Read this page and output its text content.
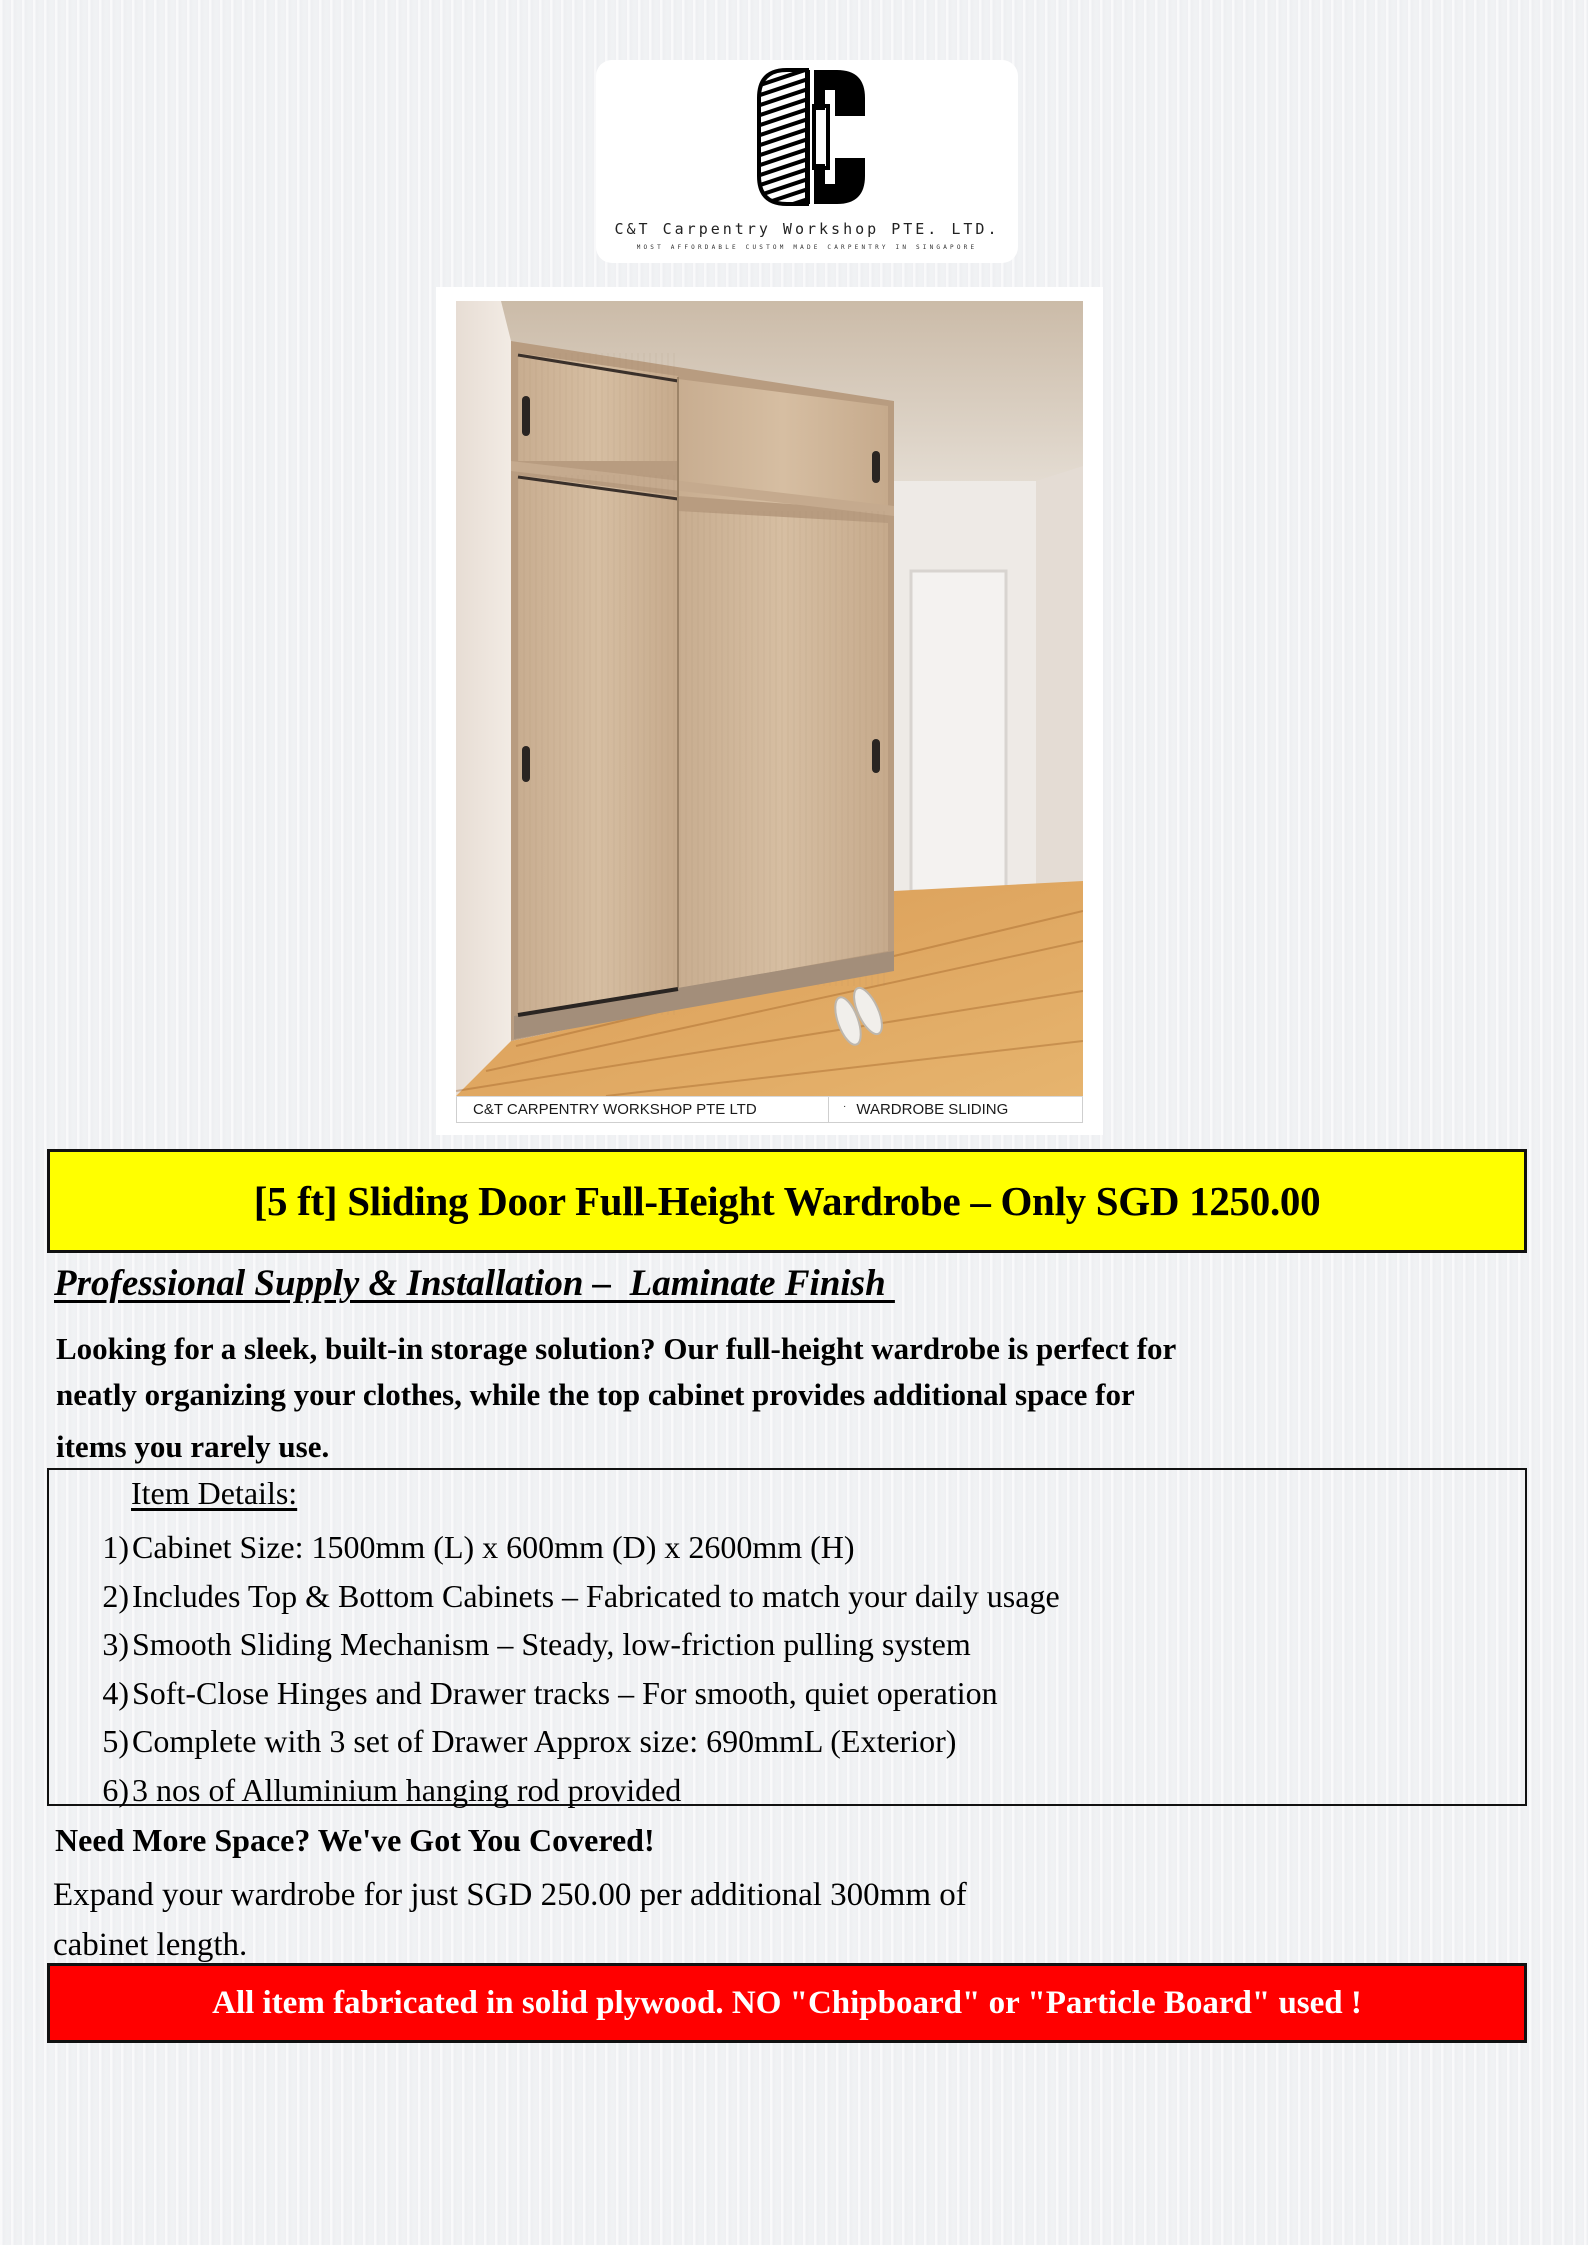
C&T Carpentry Workshop PTE. LTD.
MOST AFFORDABLE CUSTOM MADE CARPENTRY IN SINGAPORE
C&T CARPENTRY WORKSHOP PTE LTD	· WARDROBE SLIDING
[5 ft] Sliding Door Full-Height Wardrobe – Only SGD 1250.00
Professional Supply & Installation –  Laminate Finish
Looking for a sleek, built-in storage solution? Our full-height wardrobe is perfect for
neatly organizing your clothes, while the top cabinet provides additional space for
items you rarely use.
Item Details:
1)Cabinet Size: 1500mm (L) x 600mm (D) x 2600mm (H)
2)Includes Top & Bottom Cabinets – Fabricated to match your daily usage
3)Smooth Sliding Mechanism – Steady, low-friction pulling system
4)Soft-Close Hinges and Drawer tracks – For smooth, quiet operation
5)Complete with 3 set of Drawer Approx size: 690mmL (Exterior)
6)3 nos of Alluminium hanging rod provided
Need More Space? We've Got You Covered!
Expand your wardrobe for just SGD 250.00 per additional 300mm of
cabinet length.
All item fabricated in solid plywood. NO "Chipboard" or "Particle Board" used !
